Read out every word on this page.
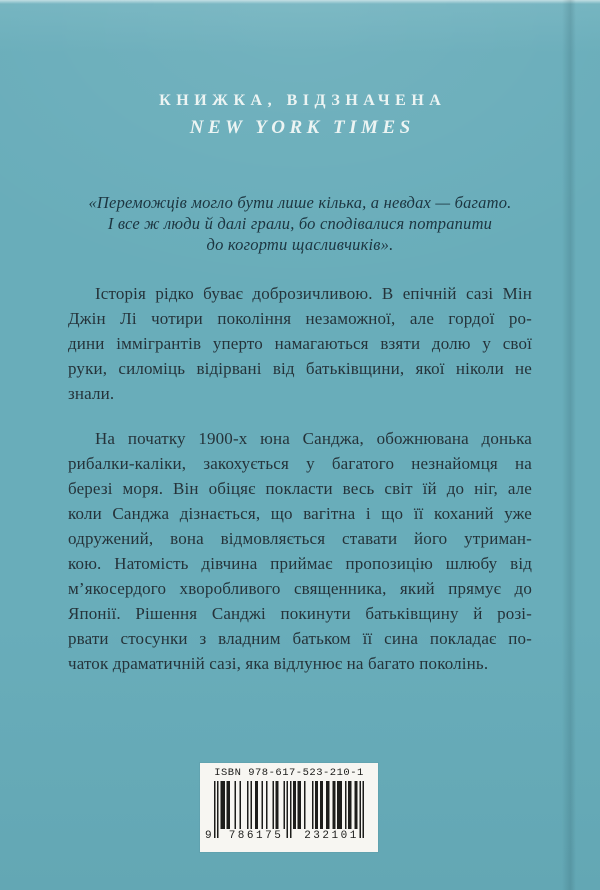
КНИЖКА, ВІДЗНАЧЕНА
NEW YORK TIMES
«Переможців могло бути лише кілька, а невдах — багато.
І все ж люди й далі грали, бо сподівалися потрапити
до когорти щасливчиків».
Історія рідко буває доброзичливою. В епічній сазі Мін
Джін Лі чотири покоління незаможної, але гордої ро-
дини іммігрантів уперто намагаються взяти долю у свої
руки, силоміць відірвані від батьківщини, якої ніколи не
знали.
На початку 1900-х юна Санджа, обожнювана донька
рибалки-каліки, закохується у багатого незнайомця на
березі моря. Він обіцяє покласти весь світ їй до ніг, але
коли Санджа дізнається, що вагітна і що її коханий уже
одружений, вона відмовляється ставати його утриман-
кою. Натомість дівчина приймає пропозицію шлюбу від
м’якосердого хворобливого священника, який прямує до
Японії. Рішення Санджі покинути батьківщину й розі-
рвати стосунки з владним батьком її сина покладає по-
чаток драматичній сазі, яка відлунює на багато поколінь.
ISBN 978-617-523-210-1
9	786175	232101
